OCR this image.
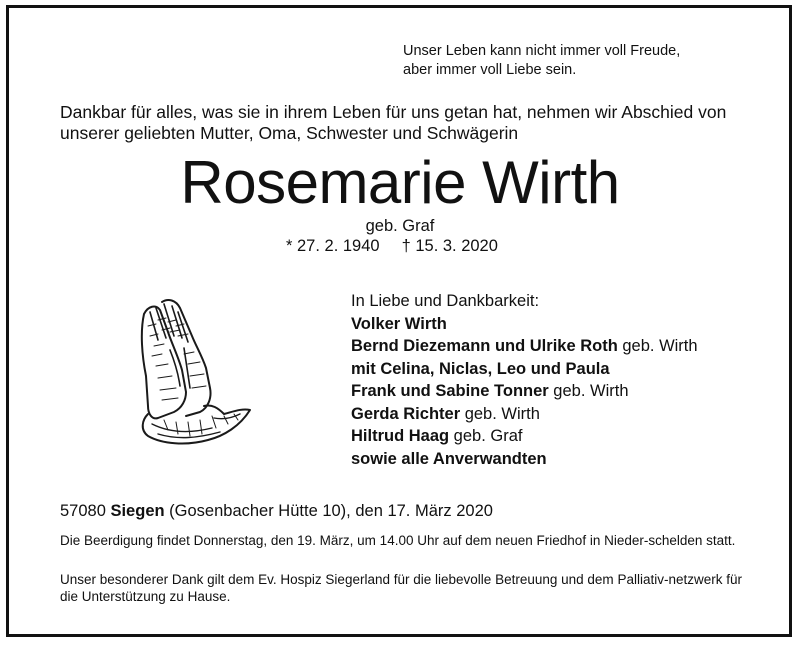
Unser Leben kann nicht immer voll Freude,
aber immer voll Liebe sein.
Dankbar für alles, was sie in ihrem Leben für uns getan hat, nehmen wir Abschied von
unserer geliebten Mutter, Oma, Schwester und Schwägerin
Rosemarie Wirth
geb. Graf
* 27. 2. 1940 † 15. 3. 2020
In Liebe und Dankbarkeit:
Volker Wirth
Bernd Diezemann und Ulrike Roth geb. Wirth
mit Celina, Niclas, Leo und Paula
Frank und Sabine Tonner geb. Wirth
Gerda Richter geb. Wirth
Hiltrud Haag geb. Graf
sowie alle Anverwandten
57080 Siegen (Gosenbacher Hütte 10), den 17. März 2020
Die Beerdigung findet Donnerstag, den 19. März, um 14.00 Uhr auf dem neuen Friedhof in Nieder-schelden statt.
Unser besonderer Dank gilt dem Ev. Hospiz Siegerland für die liebevolle Betreuung und dem Palliativ-netzwerk für die Unterstützung zu Hause.
